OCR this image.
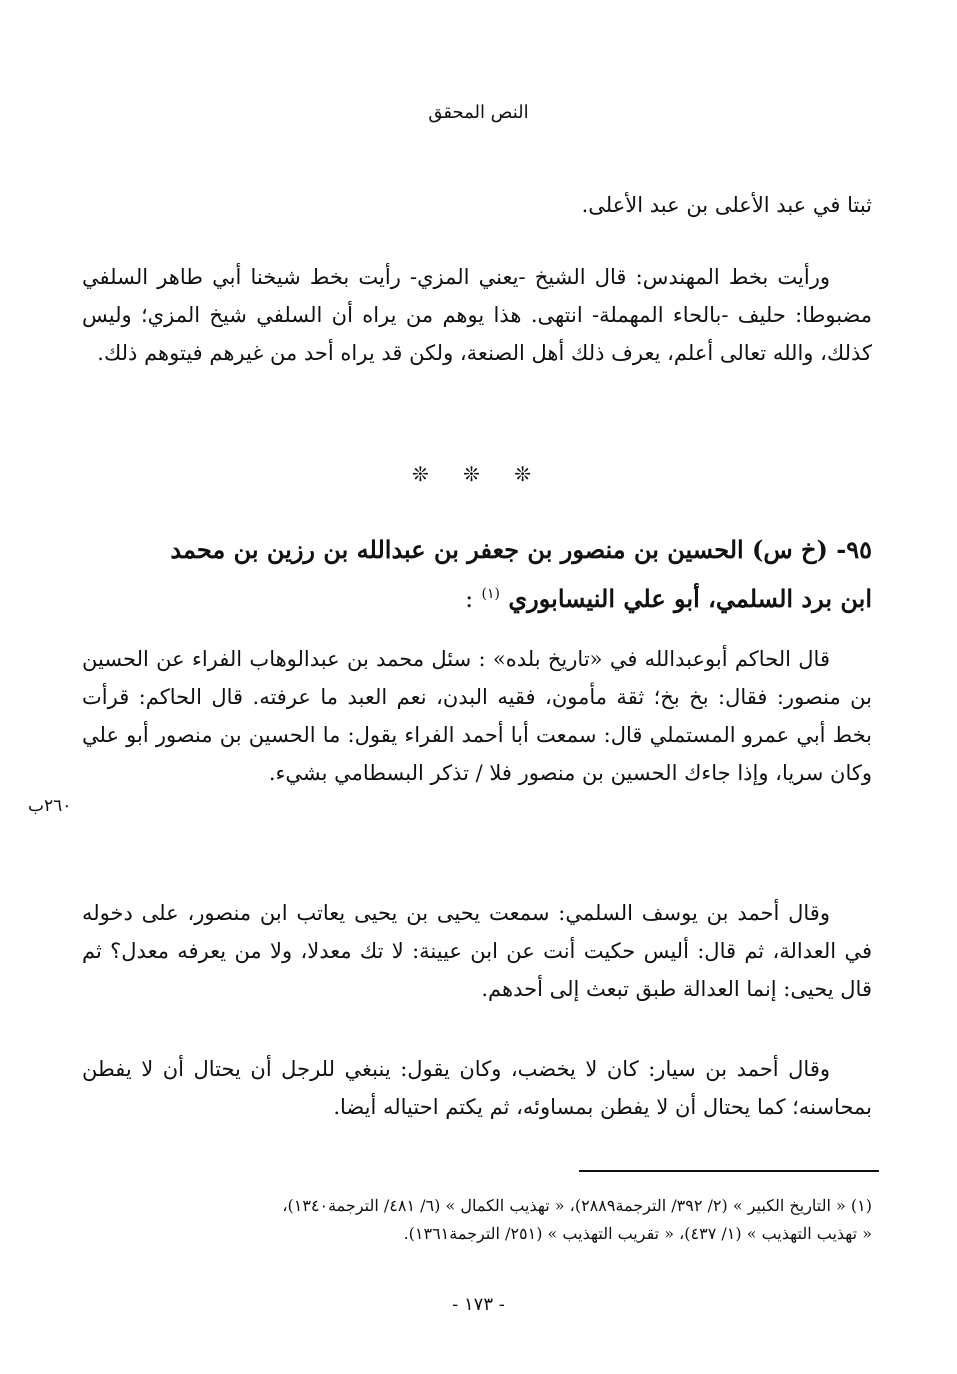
النص المحقق

ثبتا في عبد الأعلى بن عبد الأعلى.

ورأيت بخط المهندس: قال الشيخ -يعني المزي- رأيت بخط شيخنا أبي طاهر السلفي مضبوطا: حليف -بالحاء المهملة- انتهى. هذا يوهم من يراه أن السلفي شيخ المزي؛ وليس كذلك، والله تعالى أعلم، يعرف ذلك أهل الصنعة، ولكن قد يراه أحد من غيرهم فيتوهم ذلك.

❊ ❊ ❊
٩٥- (خ س) الحسين بن منصور بن جعفر بن عبدالله بن رزين بن محمد
ابن برد السلمي، أبو علي النيسابوري $^{(١)}$ :

قال الحاكم أبوعبدالله في «تاريخ بلده» : سئل محمد بن عبدالوهاب الفراء عن الحسين بن منصور: فقال: بخ بخ؛ ثقة مأمون، فقيه البدن، نعم العبد ما عرفته. قال الحاكم: قرأت بخط أبي عمرو المستملي قال: سمعت أبا أحمد الفراء يقول: ما الحسين بن منصور أبو علي وكان سريا، وإذا جاءك الحسين بن منصور فلا / تذكر البسطامي بشيء.

٢٦٠ب

وقال أحمد بن يوسف السلمي: سمعت يحيى بن يحيى يعاتب ابن منصور، على دخوله في العدالة، ثم قال: أليس حكيت أنت عن ابن عيينة: لا تك معدلا، ولا من يعرفه معدل؟ ثم قال يحيى: إنما العدالة طبق تبعث إلى أحدهم.

وقال أحمد بن سيار: كان لا يخضب، وكان يقول: ينبغي للرجل أن يحتال أن لا يفطن بمحاسنه؛ كما يحتال أن لا يفطن بمساوئه، ثم يكتم احتياله أيضا.

(١) « التاريخ الكبير » (٢/ ٣٩٢/ الترجمة٢٨٨٩)، « تهذيب الكمال » (٦/ ٤٨١/ الترجمة١٣٤٠)،

« تهذيب التهذيب » (١/ ٤٣٧)، « تقريب التهذيب » (٢٥١/ الترجمة١٣٦١).

- ١٧٣ -
